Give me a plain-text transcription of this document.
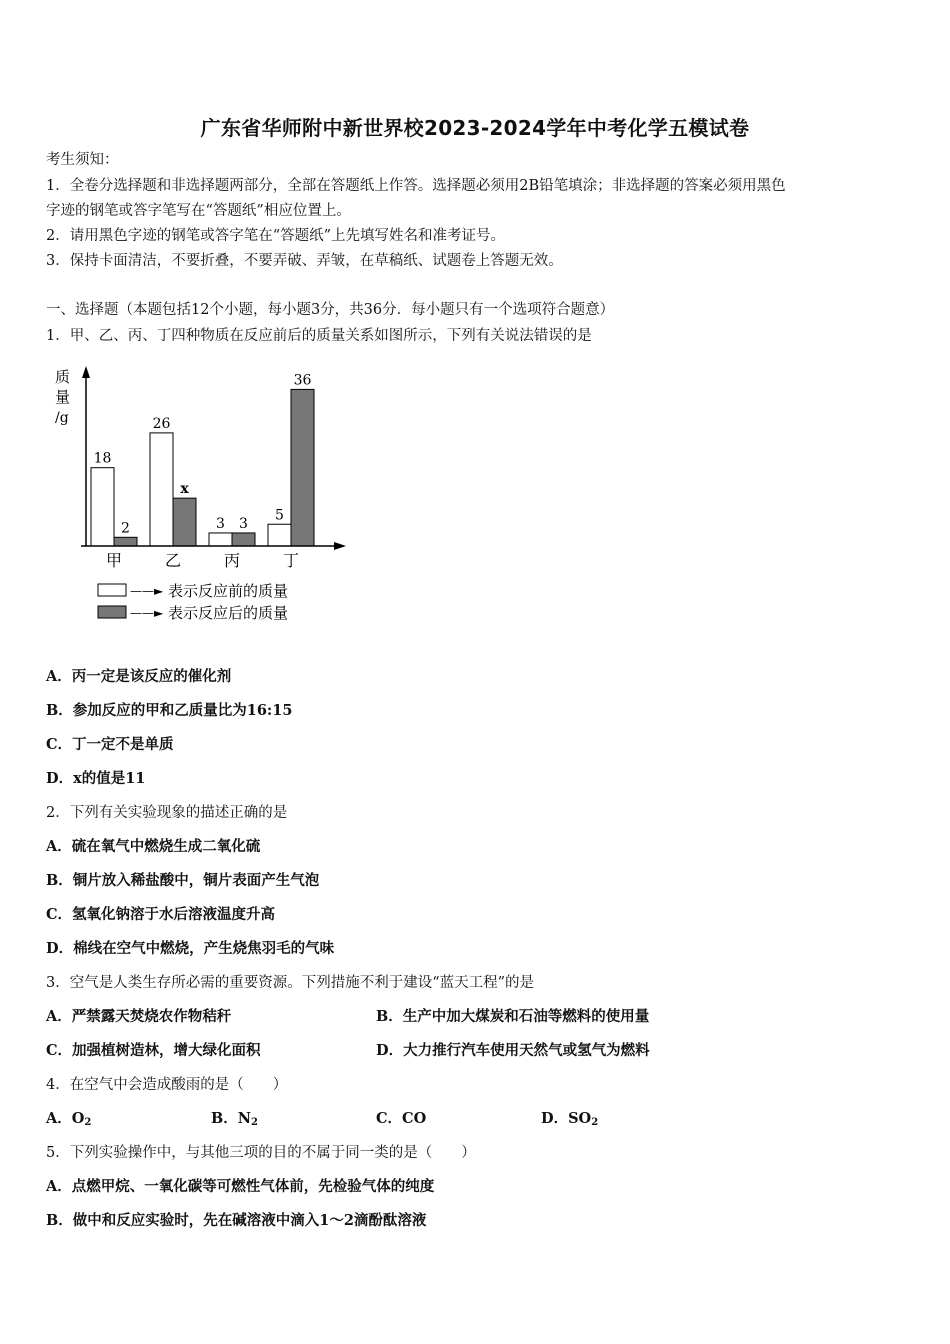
广东省华师附中新世界校2023-2024学年中考化学五模试卷
考生须知：
1．全卷分选择题和非选择题两部分，全部在答题纸上作答。选择题必须用2B铅笔填涂；非选择题的答案必须用黑色
字迹的钢笔或答字笔写在“答题纸”相应位置上。
2．请用黑色字迹的钢笔或答字笔在“答题纸”上先填写姓名和准考证号。
3．保持卡面清洁，不要折叠，不要弄破、弄皱，在草稿纸、试题卷上答题无效。
一、选择题（本题包括12个小题，每小题3分，共36分．每小题只有一个选项符合题意）
1．甲、乙、丙、丁四种物质在反应前后的质量关系如图所示，下列有关说法错误的是
质
量
/g
18
2
甲
26
x
乙
3 3
丙
5
36
丁
——► 表示反应前的质量
——► 表示反应后的质量
A．丙一定是该反应的催化剂
B．参加反应的甲和乙质量比为16:15
C．丁一定不是单质
D．x的值是11
2．下列有关实验现象的描述正确的是
A．硫在氧气中燃烧生成二氧化硫
B．铜片放入稀盐酸中，铜片表面产生气泡
C．氢氧化钠溶于水后溶液温度升高
D．棉线在空气中燃烧，产生烧焦羽毛的气味
3．空气是人类生存所必需的重要资源。下列措施不利于建设“蓝天工程”的是
A．严禁露天焚烧农作物秸秆	B．生产中加大煤炭和石油等燃料的使用量
C．加强植树造林，增大绿化面积	D．大力推行汽车使用天然气或氢气为燃料
4．在空气中会造成酸雨的是（　　）
A．$O_2$	B．$N_2$	C．CO	D．$SO_2$
5．下列实验操作中，与其他三项的目的不属于同一类的是（　　）
A．点燃甲烷、一氧化碳等可燃性气体前，先检验气体的纯度
B．做中和反应实验时，先在碱溶液中滴入1～2滴酚酞溶液
